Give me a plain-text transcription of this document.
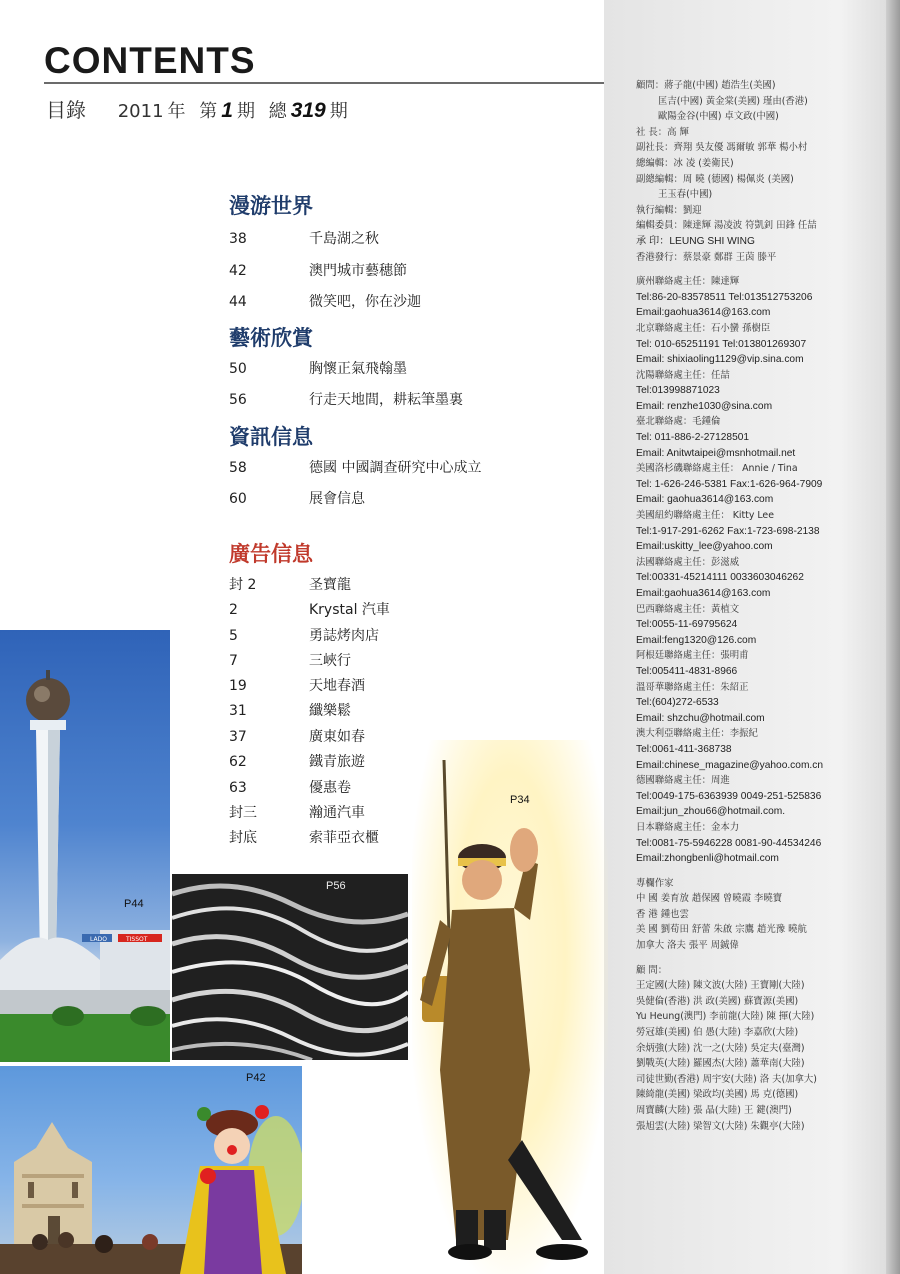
CONTENTS
目錄 2011 年 第 1 期 總 319 期
漫游世界
38	千島湖之秋
42	澳門城市藝穗節
44	微笑吧，你在沙迦
藝術欣賞
50	胸懷正氣飛翰墨
56	行走天地間，耕耘筆墨裏
資訊信息
58	德國 中國調查研究中心成立
60	展會信息
廣告信息
封 2	圣寶龍
2	Krystal 汽車
5	勇誌烤肉店
7	三峽行
19	天地春酒
31	纖樂鬆
37	廣東如春
62	鐵青旅遊
63	優惠卷
封三	瀚通汽車
封底	索菲亞衣櫃
LADO	TISSOT
P44
P56
P42
P34
顧問：蔣子龍(中國) 趙浩生(美國)
匡吉(中國) 黃金棠(美國) 瑾由(香港)
歐陽金谷(中國) 卓文政(中國)
社 長：高 輝
副社長：齊翔 吳友優 馮爾敏 郭華 楊小村
總編輯：冰 凌 (姜衛民)
副總編輯：周 曉 (德國) 楊佩炎 (美國)
王玉春(中國)
執行編輯：劉迎
編輯委員：陳達輝 湯凌波 符凱釗 田鋒 任喆
承 印：LEUNG SHI WING
香港發行：蔡景豪 鄭群 王茵 滕平
廣州聯絡處主任：陳達輝
Tel:86-20-83578511 Tel:013512753206
Email:gaohua3614@163.com
北京聯絡處主任：石小蠻 孫樹臣
Tel: 010-65251191 Tel:013801269307
Email: shixiaoling1129@vip.sina.com
沈陽聯絡處主任：任喆
Tel:013998871023
Email: renzhe1030@sina.com
臺北聯絡處：毛鍾倫
Tel: 011-886-2-27128501
Email: Anitwtaipei@msnhotmail.net
美國洛杉磯聯絡處主任： Annie / Tina
Tel: 1-626-246-5381 Fax:1-626-964-7909
Email: gaohua3614@163.com
美國紐約聯絡處主任： Kitty Lee
Tel:1-917-291-6262 Fax:1-723-698-2138
Email:uskitty_lee@yahoo.com
法國聯絡處主任：彭滋威
Tel:00331-45214111 0033603046262
Email:gaohua3614@163.com
巴西聯絡處主任：黃植文
Tel:0055-11-69795624
Email:feng1320@126.com
阿根廷聯絡處主任：張明甫
Tel:005411-4831-8966
溫哥華聯絡處主任：朱紹正
Tel:(604)272-6533
Email: shzchu@hotmail.com
澳大利亞聯絡處主任：李振紀
Tel:0061-411-368738
Email:chinese_magazine@yahoo.com.cn
德國聯絡處主任：周進
Tel:0049-175-6363939 0049-251-525836
Email:jun_zhou66@hotmail.com.
日本聯絡處主任：金本力
Tel:0081-75-5946228 0081-90-44534246
Email:zhongbenli@hotmail.com
專欄作家
中 國 姜育放 趙保國 曾曉霞 李曉寶
香 港 鍾也雲
美 國 劉荀田 舒蕾 朱啟 宗鷹 趙光豫 曉航
加拿大 洛夫 張平 周鋮偉
顧 問：
王定國(大陸) 陳文波(大陸) 王寶剛(大陸)
吳健倫(香港) 洪 政(美國) 蘇寶源(美國)
Yu Heung(澳門) 李前龍(大陸) 陳 揮(大陸)
勞冠雄(美國) 伯 愚(大陸) 李嘉欣(大陸)
余炳強(大陸) 沈一之(大陸) 吳定夫(臺灣)
劉戰英(大陸) 羅國杰(大陸) 蕭華南(大陸)
司徒世勤(香港) 周宇安(大陸) 洛 夫(加拿大)
陳綺龍(美國) 梁政均(美國) 馬 克(德國)
周寶麟(大陸) 張 晶(大陸) 王 鍵(澳門)
張旭雲(大陸) 梁智文(大陸) 朱觀亭(大陸)
